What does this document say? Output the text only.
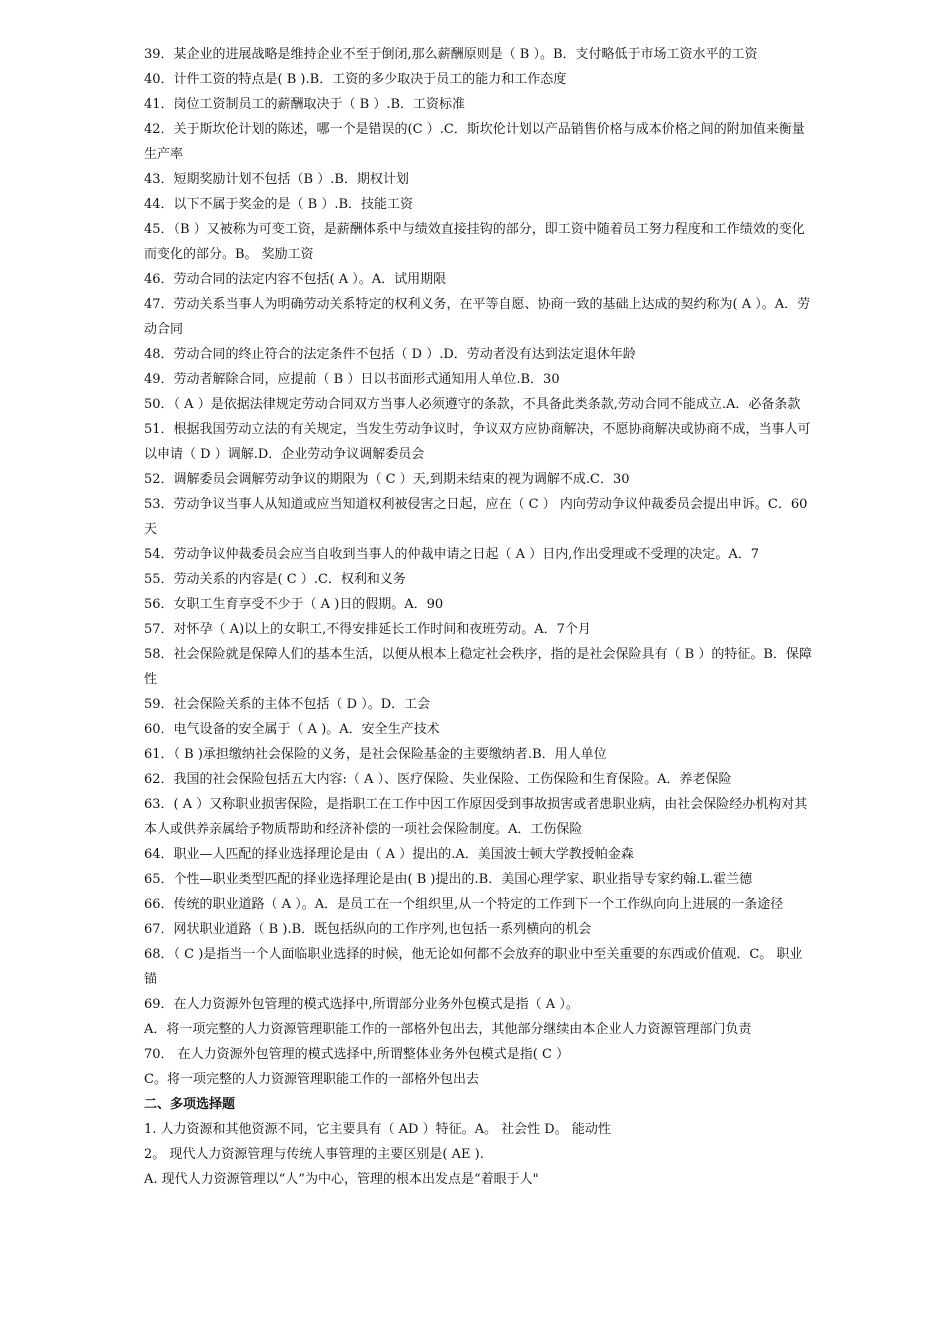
39．某企业的进展战略是维持企业不至于倒闭,那么薪酬原则是（ B ）。B．支付略低于市场工资水平的工资
40．计件工资的特点是( B ).B．工资的多少取决于员工的能力和工作态度
41．岗位工资制员工的薪酬取决于（ B ）.B．工资标准
42．关于斯坎伦计划的陈述，哪一个是错误的(C ）.C．斯坎伦计划以产品销售价格与成本价格之间的附加值来衡量生产率
43．短期奖励计划不包括（B ）.B．期权计划
44．以下不属于奖金的是（ B ）.B．技能工资
45．（B ）又被称为可变工资，是薪酬体系中与绩效直接挂钩的部分，即工资中随着员工努力程度和工作绩效的变化而变化的部分。B。 奖励工资
46．劳动合同的法定内容不包括( A ）。A．试用期限
47．劳动关系当事人为明确劳动关系特定的权利义务，在平等自愿、协商一致的基础上达成的契约称为( A ）。A．劳动合同
48．劳动合同的终止符合的法定条件不包括（ D ）.D．劳动者没有达到法定退休年龄
49．劳动者解除合同，应提前（ B ）日以书面形式通知用人单位.B．30
50．（ A ）是依据法律规定劳动合同双方当事人必须遵守的条款，不具备此类条款,劳动合同不能成立.A．必备条款
51．根据我国劳动立法的有关规定，当发生劳动争议时，争议双方应协商解决，不愿协商解决或协商不成，当事人可以申请（ D ）调解.D．企业劳动争议调解委员会
52．调解委员会调解劳动争议的期限为（ C ）天,到期未结束的视为调解不成.C．30
53．劳动争议当事人从知道或应当知道权利被侵害之日起，应在（ C ） 内向劳动争议仲裁委员会提出申诉。C．60天
54．劳动争议仲裁委员会应当自收到当事人的仲裁申请之日起（ A ）日内,作出受理或不受理的决定。A．7
55．劳动关系的内容是( C ）.C．权利和义务
56．女职工生育享受不少于（ A )日的假期。A．90
57．对怀孕（ A)以上的女职工,不得安排延长工作时间和夜班劳动。A．7个月
58．社会保险就是保障人们的基本生活，以便从根本上稳定社会秩序，指的是社会保险具有（ B ）的特征。B．保障性
59．社会保险关系的主体不包括（ D ）。D．工会
60．电气设备的安全属于（ A )。A．安全生产技术
61．（ B )承担缴纳社会保险的义务，是社会保险基金的主要缴纳者.B．用人单位
62．我国的社会保险包括五大内容:（ A ）、医疗保险、失业保险、工伤保险和生育保险。A．养老保险
63．( A ）又称职业损害保险，是指职工在工作中因工作原因受到事故损害或者患职业病，由社会保险经办机构对其本人或供养亲属给予物质帮助和经济补偿的一项社会保险制度。A．工伤保险
64．职业—人匹配的择业选择理论是由（ A ）提出的.A．美国波士顿大学教授帕金森
65．个性—职业类型匹配的择业选择理论是由( B )提出的.B．美国心理学家、职业指导专家约翰.L.霍兰德
66．传统的职业道路（ A ）。A．是员工在一个组织里,从一个特定的工作到下一个工作纵向向上进展的一条途径
67．网状职业道路（ B ).B．既包括纵向的工作序列,也包括一系列横向的机会
68．（ C )是指当一个人面临职业选择的时候，他无论如何都不会放弃的职业中至关重要的东西或价值观．C。 职业锚
69．在人力资源外包管理的模式选择中,所谓部分业务外包模式是指（ A ）。
A．将一项完整的人力资源管理职能工作的一部格外包出去，其他部分继续由本企业人力资源管理部门负责
70． 在人力资源外包管理的模式选择中,所谓整体业务外包模式是指( C ）
C。将一项完整的人力资源管理职能工作的一部格外包出去
二、多项选择题
1. 人力资源和其他资源不同，它主要具有（ AD ）特征。A。 社会性 D。 能动性
2。 现代人力资源管理与传统人事管理的主要区别是( AE ).
A. 现代人力资源管理以“人”为中心，管理的根本出发点是“着眼于人"
